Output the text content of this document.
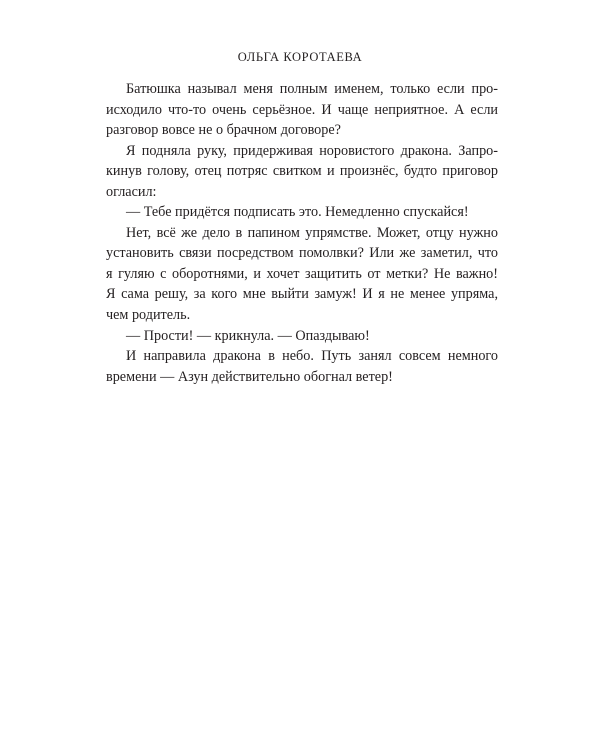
ОЛЬГА КОРОТАЕВА
Батюшка называл меня полным именем, только если про-
исходило что-то очень серьёзное. И чаще неприятное. А если
разговор вовсе не о брачном договоре?
Я подняла руку, придерживая норовистого дракона. Запро-
кинув голову, отец потряс свитком и произнёс, будто приговор
огласил:
— Тебе придётся подписать это. Немедленно спускайся!
Нет, всё же дело в папином упрямстве. Может, отцу нужно
установить связи посредством помолвки? Или же заметил, что
я гуляю с оборотнями, и хочет защитить от метки? Не важно!
Я сама решу, за кого мне выйти замуж! И я не менее упряма,
чем родитель.
— Прости! — крикнула. — Опаздываю!
И направила дракона в небо. Путь занял совсем немного
времени — Азун действительно обогнал ветер!
